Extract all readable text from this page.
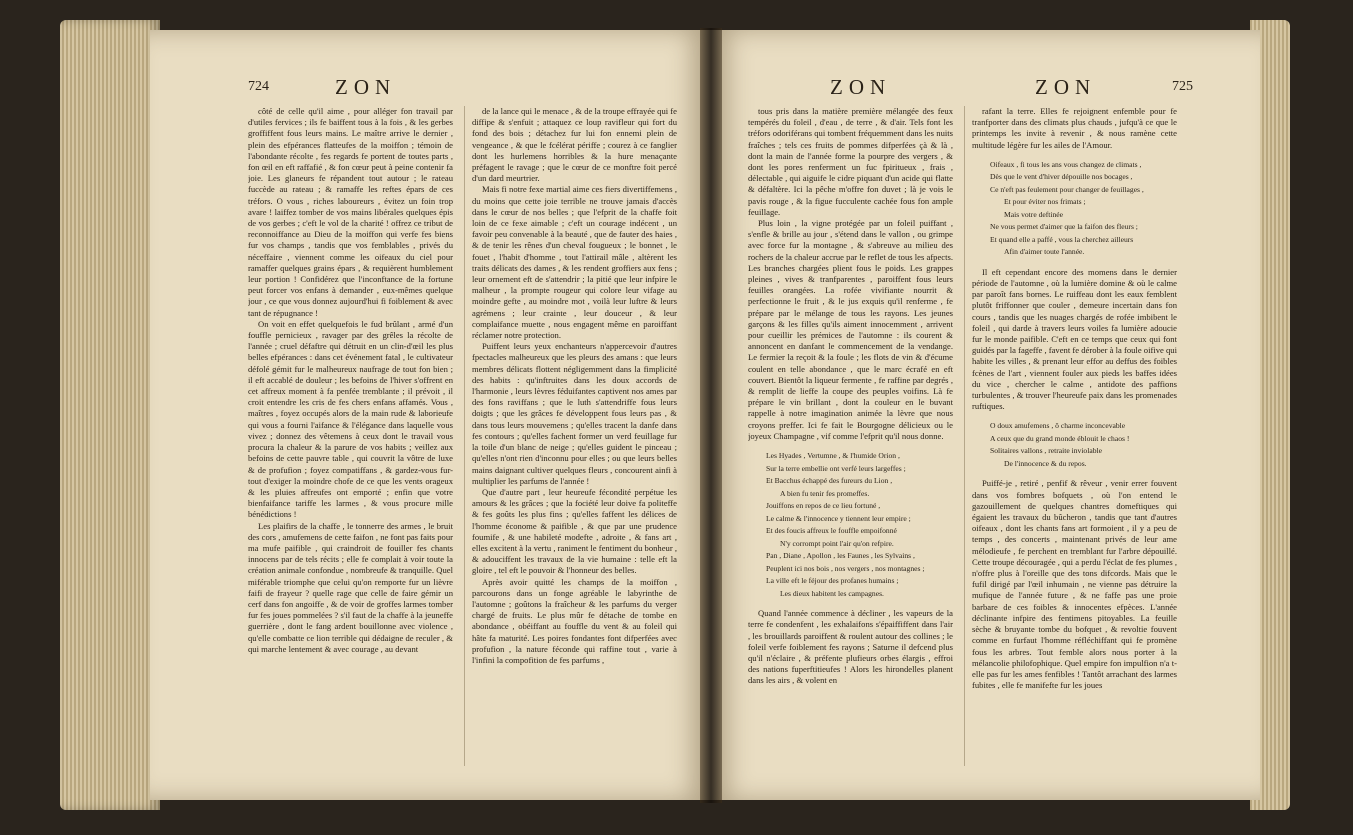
724	ZON

côté de celle qu'il aime , pour alléger fon travail par d'utiles fervices ; ils fe baiffent tous à la fois , & les gerbes groffiffent fous leurs mains. Le maître arrive le dernier , plein des efpérances flatteufes de la moiffon ; témoin de l'abondante récolte , fes regards fe portent de toutes parts , fon œil en eft raffafié , & fon cœur peut à peine contenir fa joie. Les glaneurs fe répandent tout autour ; le rateau fuccède au rateau ; & ramaffe les reftes épars de ces tréfors. O vous , riches laboureurs , évitez un foin trop avare ! laiffez tomber de vos mains libérales quelques épis de vos gerbes ; c'eft le vol de la charité ! offrez ce tribut de reconnoiffance au Dieu de la moiffon qui verfe fes biens fur vos champs , tandis que vos femblables , privés du néceffaire , viennent comme les oifeaux du ciel pour ramaffer quelques grains épars , & requièrent humblement leur portion ! Confidérez que l'inconftance de la fortune peut forcer vos enfans à demander , eux-mêmes quelque jour , ce que vous donnez aujourd'hui fi foiblement & avec tant de répugnance !

On voit en effet quelquefois le fud brûlant , armé d'un fouffle pernicieux , ravager par des grêles la récolte de l'année ; cruel défaftre qui détruit en un clin-d'œil les plus belles efpérances : dans cet événement fatal , le cultivateur défolé gémit fur le malheureux naufrage de tout fon bien ; il eft accablé de douleur ; les befoins de l'hiver s'offrent en cet affreux moment à fa penfée tremblante ; il prévoit , il croit entendre les cris de fes chers enfans affamés. Vous , maîtres , foyez occupés alors de la main rude & laborieufe qui vous a fourni l'aifance & l'élégance dans laquelle vous vivez ; donnez des vêtemens à ceux dont le travail vous procura la chaleur & la parure de vos habits ; veillez aux befoins de cette pauvre table , qui couvrit la vôtre de luxe & de profufion ; foyez compatiffans , & gardez-vous fur-tout d'exiger la moindre chofe de ce que les vents orageux & les pluies affreufes ont emporté ; enfin que votre bienfaifance tariffe les larmes , & vous procure mille bénédictions !

Les plaifirs de la chaffe , le tonnerre des armes , le bruit des cors , amufemens de cette faifon , ne font pas faits pour ma mufe paifible , qui craindroit de fouiller fes chants innocens par de tels récits ; elle fe complait à voir toute la création animale confondue , nombreufe & tranquille. Quel miférable triomphe que celui qu'on remporte fur un lièvre faifi de frayeur ? quelle rage que celle de faire gémir un cerf dans fon angoiffe , & de voir de groffes larmes tomber fur fes joues pommelées ? s'il faut de la chaffe à la jeuneffe guerrière , dont le fang ardent bouillonne avec violence , qu'elle combatte ce lion terrible qui dédaigne de reculer , & qui marche lentement & avec courage , au devant

de la lance qui le menace , & de la troupe effrayée qui fe diffipe & s'enfuit ; attaquez ce loup ravifleur qui fort du fond des bois ; détachez fur lui fon ennemi plein de vengeance , & que le fcélérat périffe ; courez à ce fanglier dont les hurlemens horribles & la hure menaçante préfagent le ravage ; que le cœur de ce monftre foit percé d'un dard meurtrier.

Mais fi notre fexe martial aime ces fiers divertiffemens , du moins que cette joie terrible ne trouve jamais d'accès dans le cœur de nos belles ; que l'efprit de la chaffe foit loin de ce fexe aimable ; c'eft un courage indécent , un favoir peu convenable à la beauté , que de fauter des haies , & de tenir les rênes d'un cheval fougueux ; le bonnet , le fouet , l'habit d'homme , tout l'attirail mâle , altèrent les traits délicats des dames , & les rendent groffiers aux fens ; leur ornement eft de s'attendrir ; la pitié que leur infpire le malheur , la prompte rougeur qui colore leur vifage au moindre gefte , au moindre mot , voilà leur luftre & leurs agrémens ; leur crainte , leur douceur , & leur complaifance muette , nous engagent même en paroiffant réclamer notre protection.

Puiffent leurs yeux enchanteurs n'appercevoir d'autres fpectacles malheureux que les pleurs des amans : que leurs membres délicats flottent négligemment dans la fimplicité des habits : qu'inftruites dans les doux accords de l'harmonie , leurs lèvres féduifantes captivent nos ames par des fons raviffans ; que le luth s'attendriffe fous leurs doigts ; que les grâces fe développent fous leurs pas , & dans tous leurs mouvemens ; qu'elles tracent la danfe dans fes contours ; qu'elles fachent former un verd feuillage fur la toile d'un blanc de neige ; qu'elles guident le pinceau ; qu'elles n'ont rien d'inconnu pour elles ; ou que leurs belles mains daignant cultiver quelques fleurs , concourent ainfi à multiplier les parfums de l'année !

Que d'autre part , leur heureufe fécondité perpétue les amours & les grâces ; que la fociété leur doive fa politeffe & fes goûts les plus fins ; qu'elles faffent les délices de l'homme économe & paifible , & que par une prudence foumife , & une habileté modefte , adroite , & fans art , elles excitent à la vertu , raniment le fentiment du bonheur , & adouciffent les travaux de la vie humaine : telle eft la gloire , tel eft le pouvoir & l'honneur des belles.

Après avoir quitté les champs de la moiffon , parcourons dans un fonge agréable le labyrinthe de l'automne ; goûtons la fraîcheur & les parfums du verger chargé de fruits. Le plus mûr fe détache de tombe en abondance , obéiffant au fouffle du vent & au foleil qui hâte fa maturité. Les poires fondantes font difperfées avec profufion , la nature féconde qui raffine tout , varie à l'infini la compofition de fes parfums ,

ZON	ZON	725

tous pris dans la matière première mélangée des feux tempérés du foleil , d'eau , de terre , & d'air. Tels font les tréfors odoriférans qui tombent fréquemment dans les nuits fraîches ; tels ces fruits de pommes difperfées çà & là , dont la main de l'année forme la pourpre des vergers , & dont les pores renferment un fuc fpiritueux , frais , délectable , qui aiguife le cidre piquant d'un acide qui flatte & défaltère. Ici la pêche m'offre fon duvet ; là je vois le pavis rouge , & la figue fucculente cachée fous fon ample feuillage.

Plus loin , la vigne protégée par un foleil puiffant , s'enfle & brille au jour , s'étend dans le vallon , ou grimpe avec force fur la montagne , & s'abreuve au milieu des rochers de la chaleur accrue par le reflet de tous les afpects. Les branches chargées plient fous le poids. Les grappes pleines , vives & tranfparentes , paroiffent fous leurs feuilles orangées. La rofée vivifiante nourrit & perfectionne le fruit , & le jus exquis qu'il renferme , fe prépare par le mélange de tous les rayons. Les jeunes garçons & les filles qu'ils aiment innocemment , arrivent pour cueillir les prémices de l'automne : ils courent & annoncent en danfant le commencement de la vendange. Le fermier la reçoit & la foule ; les flots de vin & d'écume coulent en telle abondance , que le marc écrafé en eft couvert. Bientôt la liqueur fermente , fe raffine par degrés , & remplit de lieffe la coupe des peuples voifins. Là fe prépare le vin brillant , dont la couleur en le buvant rappelle à notre imagination animée la lèvre que nous croyons preffer. Ici fe fait le Bourgogne délicieux ou le joyeux Champagne , vif comme l'efprit qu'il nous donne.

Les Hyades , Vertumne , & l'humide Orion ,
Sur la terre embellie ont verfé leurs largeffes ;
Et Bacchus échappé des fureurs du Lion ,
A bien fu tenir fes promeffes.
Jouiffons en repos de ce lieu fortuné ,
Le calme & l'innocence y tiennent leur empire ;
Et des foucis affreux le fouffle empoifonné
N'y corrompt point l'air qu'on refpire.
Pan , Diane , Apollon , les Faunes , les Sylvains ,
Peuplent ici nos bois , nos vergers , nos montagnes ;
La ville eft le féjour des profanes humains ;
Les dieux habitent les campagnes.

Quand l'année commence à décliner , les vapeurs de la terre fe condenfent , les exhalaifons s'épaiffiffent dans l'air , les brouillards paroiffent & roulent autour des collines ; le foleil verfe foiblement fes rayons ; Saturne il defcend plus qu'il n'éclaire , & préfente plufieurs orbes élargis , effroi des nations fuperftitieufes ! Alors les hirondelles planent dans les airs , & volent en

rafant la terre. Elles fe rejoignent enfemble pour fe tranfporter dans des climats plus chauds , jufqu'à ce que le printemps les invite à revenir , & nous ramène cette multitude légère fur les ailes de l'Amour.

Oifeaux , fi tous les ans vous changez de climats ,
Dès que le vent d'hiver dépouille nos bocages ,
Ce n'eft pas feulement pour changer de feuillages ,
Et pour éviter nos frimats ;
Mais votre deftinée
Ne vous permet d'aimer que la faifon des fleurs ;
Et quand elle a paffé , vous la cherchez ailleurs
Afin d'aimer toute l'année.

Il eft cependant encore des momens dans le dernier période de l'automne , où la lumière domine & où le calme par paroît fans bornes. Le ruiffeau dont les eaux femblent plutôt friffonner que couler , demeure incertain dans fon cours , tandis que les nuages chargés de rofée imbibent le foleil , qui darde à travers leurs voiles fa lumière adoucie fur le monde paifible. C'eft en ce temps que ceux qui font guidés par la fageffe , favent fe dérober à la foule oifive qui habite les villes , & prenant leur effor au deffus des foibles fcènes de l'art , viennent fouler aux pieds les baffes idées du vice , chercher le calme , antidote des paffions turbulentes , & trouver l'heureufe paix dans les promenades ruftiques.

O doux amufemens , ô charme inconcevable
A ceux que du grand monde éblouit le chaos !
Solitaires vallons , retraite inviolable
De l'innocence & du repos.

Puiffé-je , retiré , penfif & rêveur , venir errer fouvent dans vos fombres bofquets , où l'on entend le gazouillement de quelques chantres domeftiques qui égaient les travaux du bûcheron , tandis que tant d'autres oifeaux , dont les chants fans art formoient , il y a peu de temps , des concerts , maintenant privés de leur ame mélodieufe , fe perchent en tremblant fur l'arbre dépouillé. Cette troupe découragée , qui a perdu l'éclat de fes plumes , n'offre plus à l'oreille que des tons difcords. Mais que le fufil dirigé par l'œil inhumain , ne vienne pas détruire la mufique de l'année future , & ne faffe pas une proie barbare de ces foibles & innocentes efpèces. L'année déclinante infpire des fentimens pitoyables. La feuille sèche & bruyante tombe du bofquet , & revoltie fouvent comme en furfaut l'homme réfléchiffant qui fe promène fous les arbres. Tout femble alors nous porter à la mélancolie philofophique. Quel empire fon impulfion n'a t-elle pas fur les ames fenfibles ! Tantôt arrachant des larmes fubites , elle fe manifefte fur les joues
